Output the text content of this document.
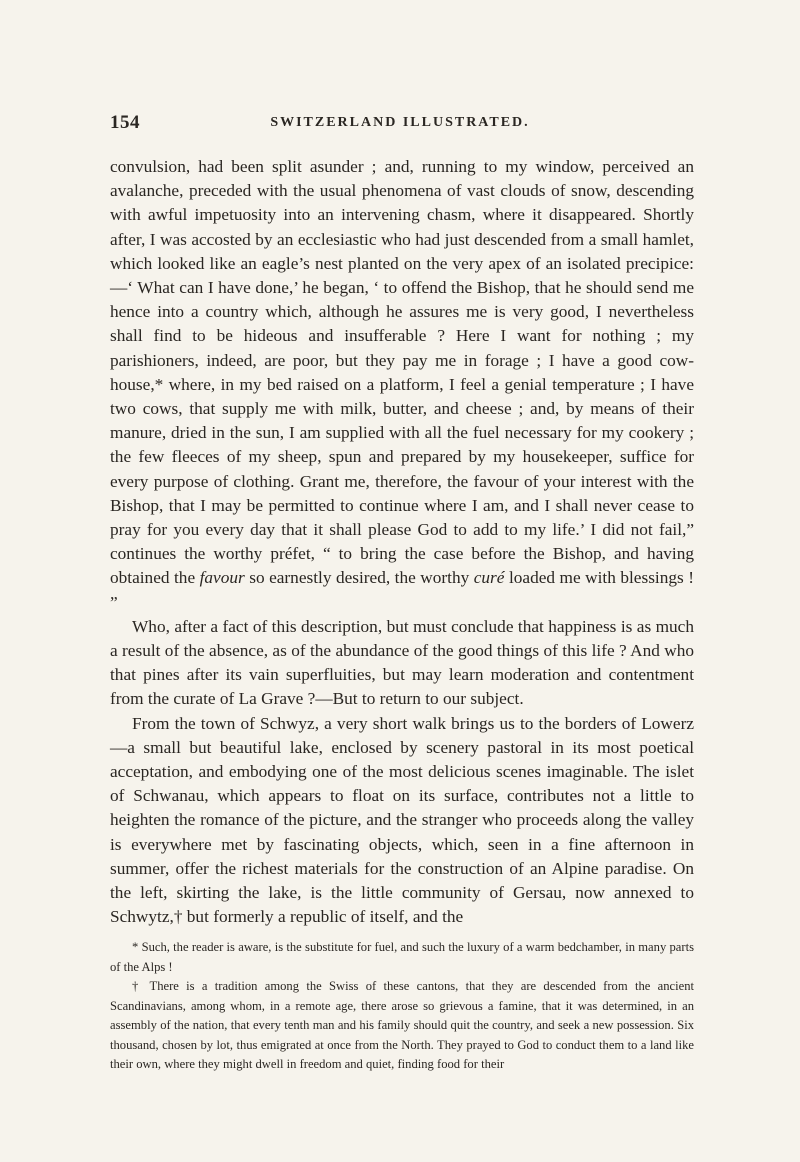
154	SWITZERLAND ILLUSTRATED.

convulsion, had been split asunder ; and, running to my window, perceived an avalanche, preceded with the usual phenomena of vast clouds of snow, descending with awful impetuosity into an intervening chasm, where it disappeared. Shortly after, I was accosted by an ecclesiastic who had just descended from a small hamlet, which looked like an eagle’s nest planted on the very apex of an isolated precipice:—‘ What can I have done,’ he began, ‘ to offend the Bishop, that he should send me hence into a country which, although he assures me is very good, I nevertheless shall find to be hideous and insufferable ? Here I want for nothing ; my parishioners, indeed, are poor, but they pay me in forage ; I have a good cow-house,* where, in my bed raised on a platform, I feel a genial temperature ; I have two cows, that supply me with milk, butter, and cheese ; and, by means of their manure, dried in the sun, I am supplied with all the fuel necessary for my cookery ; the few fleeces of my sheep, spun and prepared by my housekeeper, suffice for every purpose of clothing. Grant me, therefore, the favour of your interest with the Bishop, that I may be permitted to continue where I am, and I shall never cease to pray for you every day that it shall please God to add to my life.’ I did not fail,” continues the worthy préfet, “ to bring the case before the Bishop, and having obtained the favour so earnestly desired, the worthy curé loaded me with blessings ! ”

Who, after a fact of this description, but must conclude that happiness is as much a result of the absence, as of the abundance of the good things of this life ? And who that pines after its vain superfluities, but may learn moderation and contentment from the curate of La Grave ?—But to return to our subject.

From the town of Schwyz, a very short walk brings us to the borders of Lowerz—a small but beautiful lake, enclosed by scenery pastoral in its most poetical acceptation, and embodying one of the most delicious scenes imaginable. The islet of Schwanau, which appears to float on its surface, contributes not a little to heighten the romance of the picture, and the stranger who proceeds along the valley is everywhere met by fascinating objects, which, seen in a fine afternoon in summer, offer the richest materials for the construction of an Alpine paradise. On the left, skirting the lake, is the little community of Gersau, now annexed to Schwytz,† but formerly a republic of itself, and the

* Such, the reader is aware, is the substitute for fuel, and such the luxury of a warm bedchamber, in many parts of the Alps !

† There is a tradition among the Swiss of these cantons, that they are descended from the ancient Scandinavians, among whom, in a remote age, there arose so grievous a famine, that it was determined, in an assembly of the nation, that every tenth man and his family should quit the country, and seek a new possession. Six thousand, chosen by lot, thus emigrated at once from the North. They prayed to God to conduct them to a land like their own, where they might dwell in freedom and quiet, finding food for their
